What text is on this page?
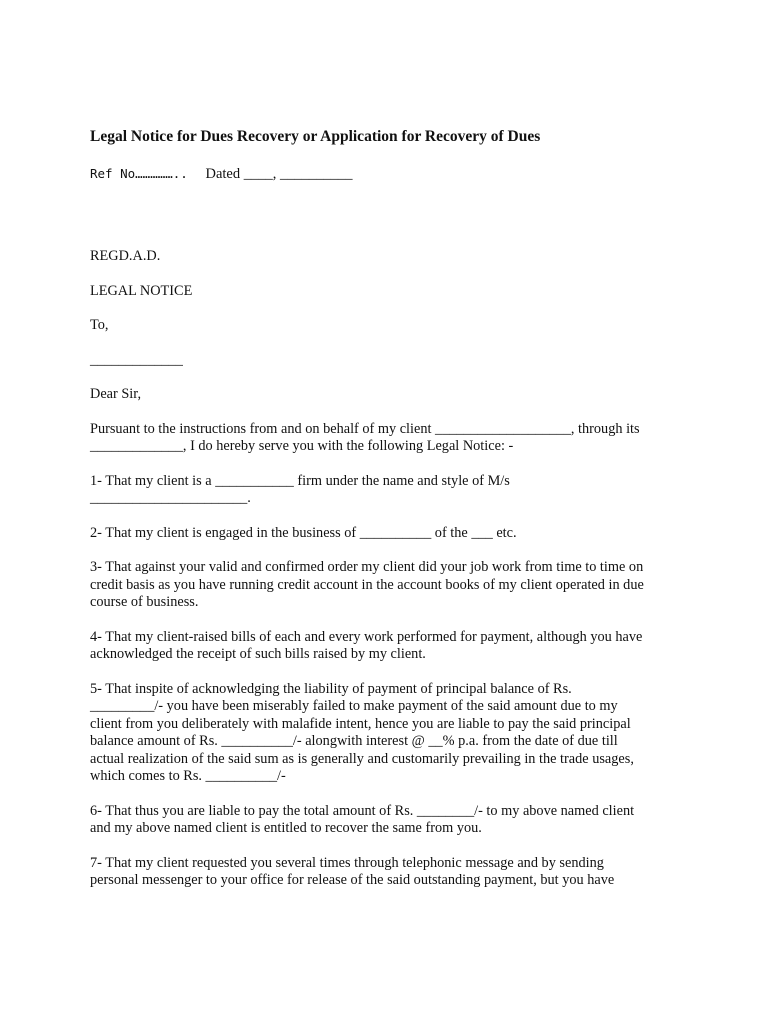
Legal Notice for Dues Recovery or Application for Recovery of Dues
Ref No…………….. Dated ____, __________

REGD.A.D.

LEGAL NOTICE

To,

_____________

Dear Sir,

Pursuant to the instructions from and on behalf of my client ___________________, through its
_____________, I do hereby serve you with the following Legal Notice: -
1- That my client is a ___________ firm under the name and style of M/s
______________________.
2- That my client is engaged in the business of __________ of the ___ etc.
3- That against your valid and confirmed order my client did your job work from time to time on
credit basis as you have running credit account in the account books of my client operated in due
course of business.
4- That my client-raised bills of each and every work performed for payment, although you have
acknowledged the receipt of such bills raised by my client.
5- That inspite of acknowledging the liability of payment of principal balance of Rs.
_________/- you have been miserably failed to make payment of the said amount due to my
client from you deliberately with malafide intent, hence you are liable to pay the said principal
balance amount of Rs. __________/- alongwith interest @ __% p.a. from the date of due till
actual realization of the said sum as is generally and customarily prevailing in the trade usages,
which comes to Rs. __________/-
6- That thus you are liable to pay the total amount of Rs. ________/- to my above named client
and my above named client is entitled to recover the same from you.
7- That my client requested you several times through telephonic message and by sending
personal messenger to your office for release of the said outstanding payment, but you have
